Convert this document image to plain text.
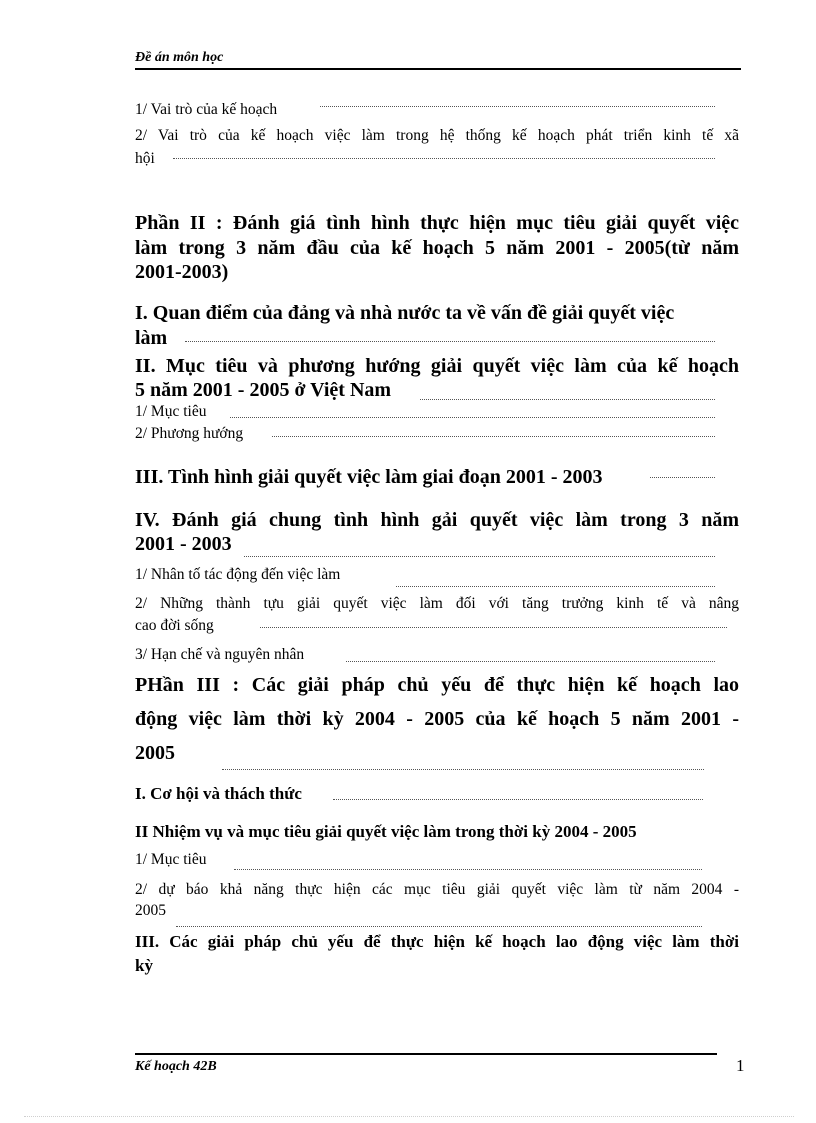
Đề án môn học
1/ Vai trò của kế hoạch
2/ Vai trò của kế hoạch việc làm trong hệ thống kế hoạch phát triển kinh tế xã
hội
Phần II : Đánh giá tình hình thực hiện mục tiêu giải quyết việc
làm trong 3 năm đầu của kế hoạch 5 năm 2001 - 2005(từ năm
2001-2003)
I. Quan điểm của đảng và nhà nước ta về vấn đề giải quyết việc
làm
II. Mục tiêu và phương hướng giải quyết việc làm của kế hoạch
5 năm 2001 - 2005 ở Việt Nam
1/ Mục tiêu
2/ Phương hướng
III. Tình hình giải quyết việc làm giai đoạn 2001 - 2003
IV. Đánh giá chung tình hình gải quyết việc làm trong 3 năm
2001 - 2003
1/ Nhân tố tác động đến việc làm
2/ Những thành tựu giải quyết việc làm đối với tăng trưởng kinh tế và nâng
cao đời sống
3/ Hạn chế và nguyên nhân
PHần III : Các giải pháp chủ yếu để thực hiện kế hoạch lao
động việc làm thời kỳ 2004 - 2005 của kế hoạch 5 năm 2001 -
2005
I. Cơ hội và thách thức
II Nhiệm vụ và mục tiêu giải quyết việc làm trong thời kỳ 2004 - 2005
1/ Mục tiêu
2/ dự báo khả năng thực hiện các mục tiêu giải quyết việc làm từ năm 2004 -
2005
III. Các giải pháp chủ yếu để thực hiện kế hoạch lao động việc làm thời
kỳ
Kế hoạch 42B	1
